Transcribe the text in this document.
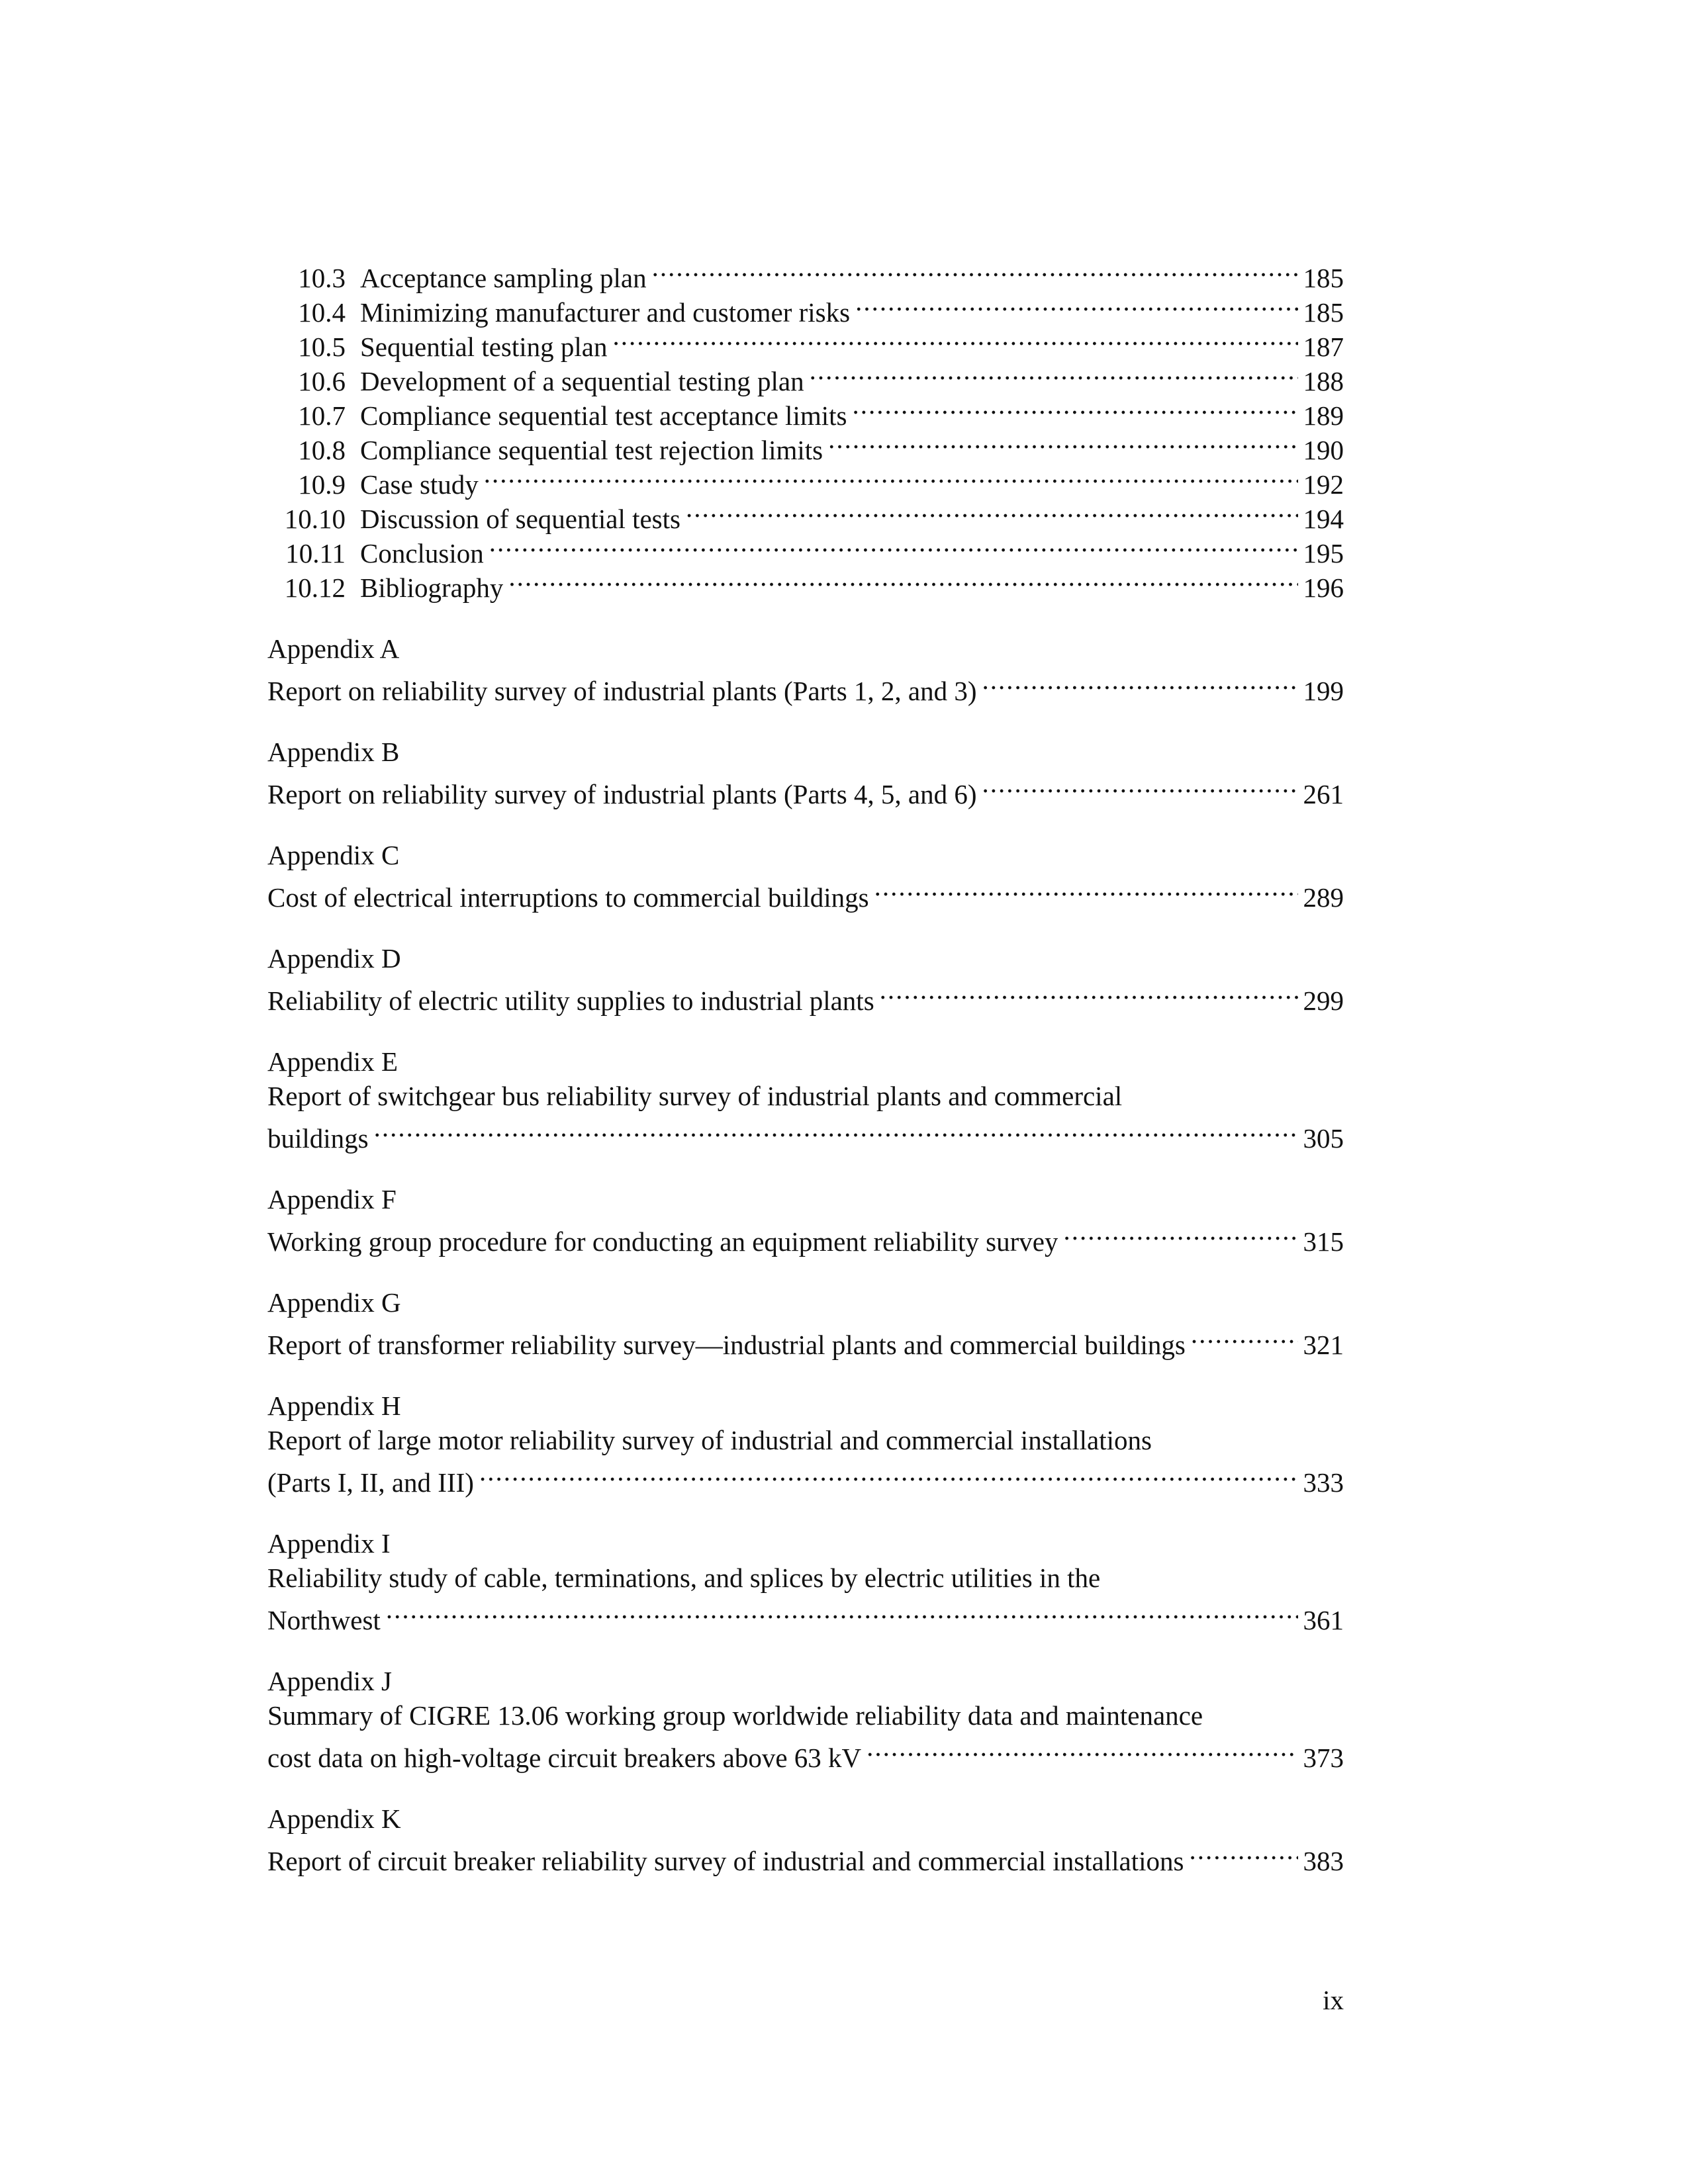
10.3 Acceptance sampling plan .....	185
10.4 Minimizing manufacturer and customer risks .....	185
10.5 Sequential testing plan .....	187
10.6 Development of a sequential testing plan .....	188
10.7 Compliance sequential test acceptance limits .....	189
10.8 Compliance sequential test rejection limits .....	190
10.9 Case study .....	192
10.10 Discussion of sequential tests .....	194
10.11 Conclusion .....	195
10.12 Bibliography .....	196
Appendix A
Report on reliability survey of industrial plants (Parts 1, 2, and 3) .....	199
Appendix B
Report on reliability survey of industrial plants (Parts 4, 5, and 6) .....	261
Appendix C
Cost of electrical interruptions to commercial buildings .....	289
Appendix D
Reliability of electric utility supplies to industrial plants .....	299
Appendix E
Report of switchgear bus reliability survey of industrial plants and commercial
buildings .....	305
Appendix F
Working group procedure for conducting an equipment reliability survey .....	315
Appendix G
Report of transformer reliability survey—industrial plants and commercial buildings .....	321
Appendix H
Report of large motor reliability survey of industrial and commercial installations
(Parts I, II, and III) .....	333
Appendix I
Reliability study of cable, terminations, and splices by electric utilities in the
Northwest .....	361
Appendix J
Summary of CIGRE 13.06 working group worldwide reliability data and maintenance
cost data on high-voltage circuit breakers above 63 kV .....	373
Appendix K
Report of circuit breaker reliability survey of industrial and commercial installations .....	383
ix
